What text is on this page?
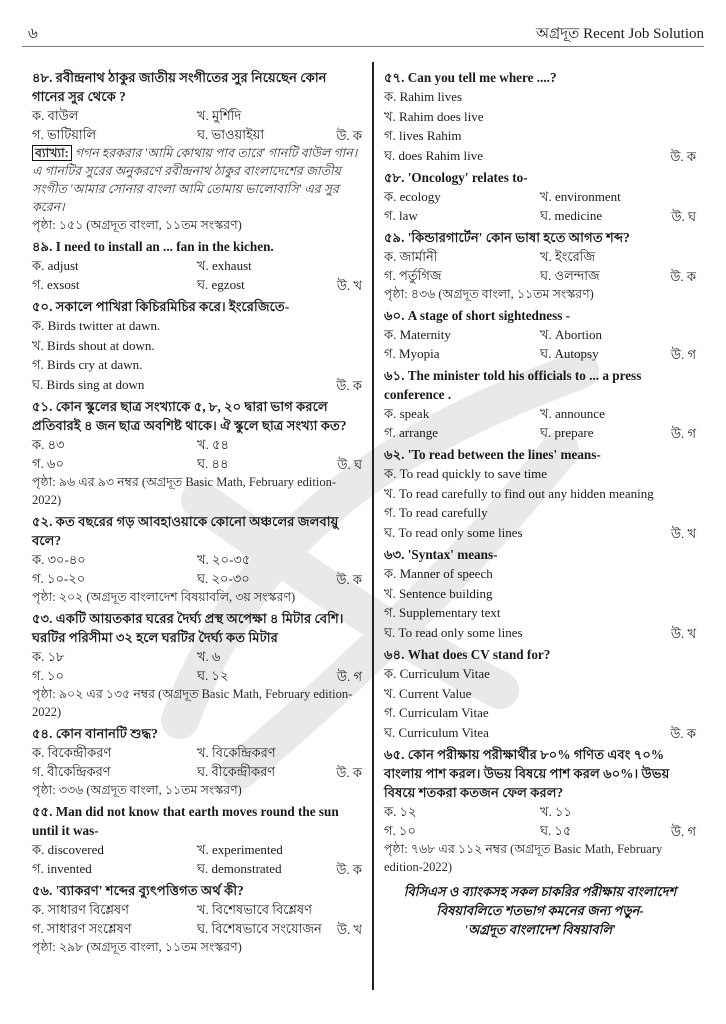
৬	অগ্রদূত Recent Job Solution
৪৮. রবীন্দ্রনাথ ঠাকুর জাতীয় সংগীতের সুর নিয়েছেন কোন গানের সুর থেকে ?
ক. বাউল	খ. মুর্শিদি
গ. ভাটিয়ালি	ঘ. ভাওয়াইয়া	উ. ক
ব্যাখ্যা: গগন হরকরার 'আমি কোথায় পাব তারে' গানটি বাউল গান। এ গানটির সুরের অনুকরণে রবীন্দ্রনাথ ঠাকুর বাংলাদেশের জাতীয় সংগীত 'আমার সোনার বাংলা আমি তোমায় ভালোবাসি' এর সুর করেন।
পৃষ্ঠা: ১৫১ (অগ্রদূত বাংলা, ১১তম সংস্করণ)
৪৯. I need to install an ... fan in the kichen.
ক. adjust	খ. exhaust
গ. exsost	ঘ. egzost	উ. খ
৫০. সকালে পাখিরা কিচিরমিচির করে। ইংরেজিতে-
ক. Birds twitter at dawn.
খ. Birds shout at down.
গ. Birds cry at dawn.
ঘ. Birds sing at down	উ. ক
৫১. কোন স্কুলের ছাত্র সংখ্যাকে ৫, ৮, ২০ দ্বারা ভাগ করলে প্রতিবারই ৪ জন ছাত্র অবশিষ্ট থাকে। ঐ স্কুলে ছাত্র সংখ্যা কত?
ক. ৪৩	খ. ৫৪
গ. ৬০	ঘ. ৪৪	উ. ঘ
পৃষ্ঠা: ৯৬ এর ৯৩ নম্বর (অগ্রদূত Basic Math, February edition-2022)
৫২. কত বছরের গড় আবহাওয়াকে কোনো অঞ্চলের জলবায়ু বলে?
ক. ৩০-৪০	খ. ২০-৩৫
গ. ১০-২০	ঘ. ২০-৩০	উ. ক
পৃষ্ঠা: ২০২ (অগ্রদূত বাংলাদেশ বিষয়াবলি, ৩য় সংস্করণ)
৫৩. একটি আয়তকার ঘরের দৈর্ঘ্য প্রস্থ অপেক্ষা ৪ মিটার বেশি। ঘরটির পরিসীমা ৩২ হলে ঘরটির দৈর্ঘ্য কত মিটার
ক. ১৮	খ. ৬
গ. ১০	ঘ. ১২	উ. গ
পৃষ্ঠা: ৯০২ এর ১৩৫ নম্বর (অগ্রদূত Basic Math, February edition-2022)
৫৪. কোন বানানটি শুদ্ধ?
ক. বিকেন্দ্রীকরণ	খ. বিকেন্দ্রিকরণ
গ. বীকেন্দ্রিকরণ	ঘ. বীকেন্দ্রীকরণ	উ. ক
পৃষ্ঠা: ৩৩৬ (অগ্রদূত বাংলা, ১১তম সংস্করণ)
৫৫. Man did not know that earth moves round the sun until it was-
ক. discovered	খ. experimented
গ. invented	ঘ. demonstrated	উ. ক
৫৬. 'ব্যাকরণ' শব্দের ব্যুৎপত্তিগত অর্থ কী?
ক. সাধারণ বিশ্লেষণ	খ. বিশেষভাবে বিশ্লেষণ
গ. সাধারণ সংশ্লেষণ	ঘ. বিশেষভাবে সংযোজন	উ. খ
পৃষ্ঠা: ২৯৮ (অগ্রদূত বাংলা, ১১তম সংস্করণ)
৫৭. Can you tell me where ....?
ক. Rahim lives
খ. Rahim does live
গ. lives Rahim
ঘ. does Rahim live	উ. ক
৫৮. 'Oncology' relates to-
ক. ecology	খ. environment
গ. law	ঘ. medicine	উ. ঘ
৫৯. 'কিন্ডারগার্টেন' কোন ভাষা হতে আগত শব্দ?
ক. জার্মানী	খ. ইংরেজি
গ. পর্তুগিজ	ঘ. ওলন্দাজ	উ. ক
পৃষ্ঠা: ৪৩৬ (অগ্রদূত বাংলা, ১১তম সংস্করণ)
৬০. A stage of short sightedness -
ক. Maternity	খ. Abortion
গ. Myopia	ঘ. Autopsy	উ. গ
৬১. The minister told his officials to ... a press conference .
ক. speak	খ. announce
গ. arrange	ঘ. prepare	উ. গ
৬২. 'To read between the lines' means-
ক. To read quickly to save time
খ. To read carefully to find out any hidden meaning
গ. To read carefully
ঘ. To read only some lines	উ. খ
৬৩. 'Syntax' means-
ক. Manner of speech
খ. Sentence building
গ. Supplementary text
ঘ. To read only some lines	উ. খ
৬৪. What does CV stand for?
ক. Curriculum Vitae
খ. Current Value
গ. Curriculam Vitae
ঘ. Curriculum Vitea	উ. ক
৬৫. কোন পরীক্ষায় পরীক্ষার্থীর ৮০% গণিত এবং ৭০% বাংলায় পাশ করল। উভয় বিষয়ে পাশ করল ৬০%। উভয় বিষয়ে শতকরা কতজন ফেল করল?
ক. ১২	খ. ১১
গ. ১০	ঘ. ১৫	উ. গ
পৃষ্ঠা: ৭৬৮ এর ১১২ নম্বর (অগ্রদূত Basic Math, February edition-2022)
বিসিএস ও ব্যাংকসহ সকল চাকরির পরীক্ষায় বাংলাদেশ
বিষয়াবলিতে শতভাগ কমনের জন্য পড়ুন-
'অগ্রদূত বাংলাদেশ বিষয়াবলি'
